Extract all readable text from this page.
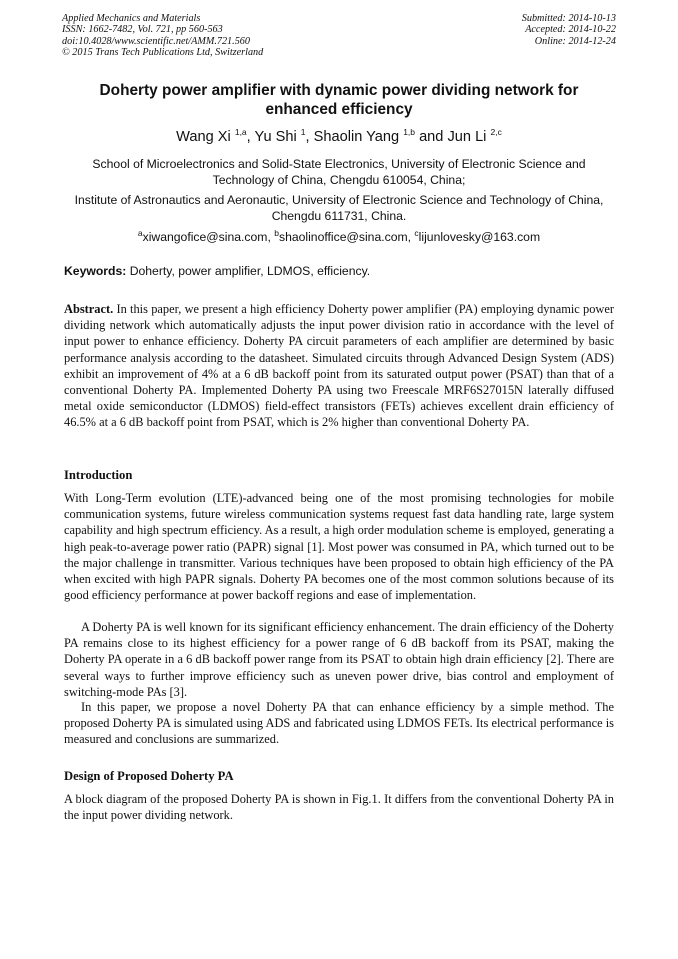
Applied Mechanics and Materials
ISSN: 1662-7482, Vol. 721, pp 560-563
doi:10.4028/www.scientific.net/AMM.721.560
© 2015 Trans Tech Publications Ltd, Switzerland
Submitted: 2014-10-13
Accepted: 2014-10-22
Online: 2014-12-24
Doherty power amplifier with dynamic power dividing network for
enhanced efficiency
Wang Xi $^{1,a}$, Yu Shi $^1$, Shaolin Yang $^{1,b}$ and Jun Li $^{2,c}$
School of Microelectronics and Solid-State Electronics, University of Electronic Science and
Technology of China, Chengdu 610054, China;
Institute of Astronautics and Aeronautic, University of Electronic Science and Technology of China,
Chengdu 611731, China.
$^a$xiwangofice@sina.com, $^b$shaolinoffice@sina.com, $^c$lijunlovesky@163.com
Keywords: Doherty, power amplifier, LDMOS, efficiency.

Abstract. In this paper, we present a high efficiency Doherty power amplifier (PA) employing dynamic power dividing network which automatically adjusts the input power division ratio in accordance with the level of input power to enhance efficiency. Doherty PA circuit parameters of each amplifier are determined by basic performance analysis according to the datasheet. Simulated circuits through Advanced Design System (ADS) exhibit an improvement of 4% at a 6 dB backoff point from its saturated output power (PSAT) than that of a conventional Doherty PA. Implemented Doherty PA using two Freescale MRF6S27015N laterally diffused metal oxide semiconductor (LDMOS) field-effect transistors (FETs) achieves excellent drain efficiency of 46.5% at a 6 dB backoff point from PSAT, which is 2% higher than conventional Doherty PA.

Introduction

With Long-Term evolution (LTE)-advanced being one of the most promising technologies for mobile communication systems, future wireless communication systems request fast data handling rate, large system capability and high spectrum efficiency. As a result, a high order modulation scheme is employed, generating a high peak-to-average power ratio (PAPR) signal [1]. Most power was consumed in PA, which turned out to be the major challenge in transmitter. Various techniques have been proposed to obtain high efficiency of the PA when excited with high PAPR signals. Doherty PA becomes one of the most common solutions because of its good efficiency performance at power backoff regions and ease of implementation.

A Doherty PA is well known for its significant efficiency enhancement. The drain efficiency of the Doherty PA remains close to its highest efficiency for a power range of 6 dB backoff from its PSAT, making the Doherty PA operate in a 6 dB backoff power range from its PSAT to obtain high drain efficiency [2]. There are several ways to further improve efficiency such as uneven power drive, bias control and employment of switching-mode PAs [3].

In this paper, we propose a novel Doherty PA that can enhance efficiency by a simple method. The proposed Doherty PA is simulated using ADS and fabricated using LDMOS FETs. Its electrical performance is measured and conclusions are summarized.

Design of Proposed Doherty PA

A block diagram of the proposed Doherty PA is shown in Fig.1. It differs from the conventional Doherty PA in the input power dividing network.
